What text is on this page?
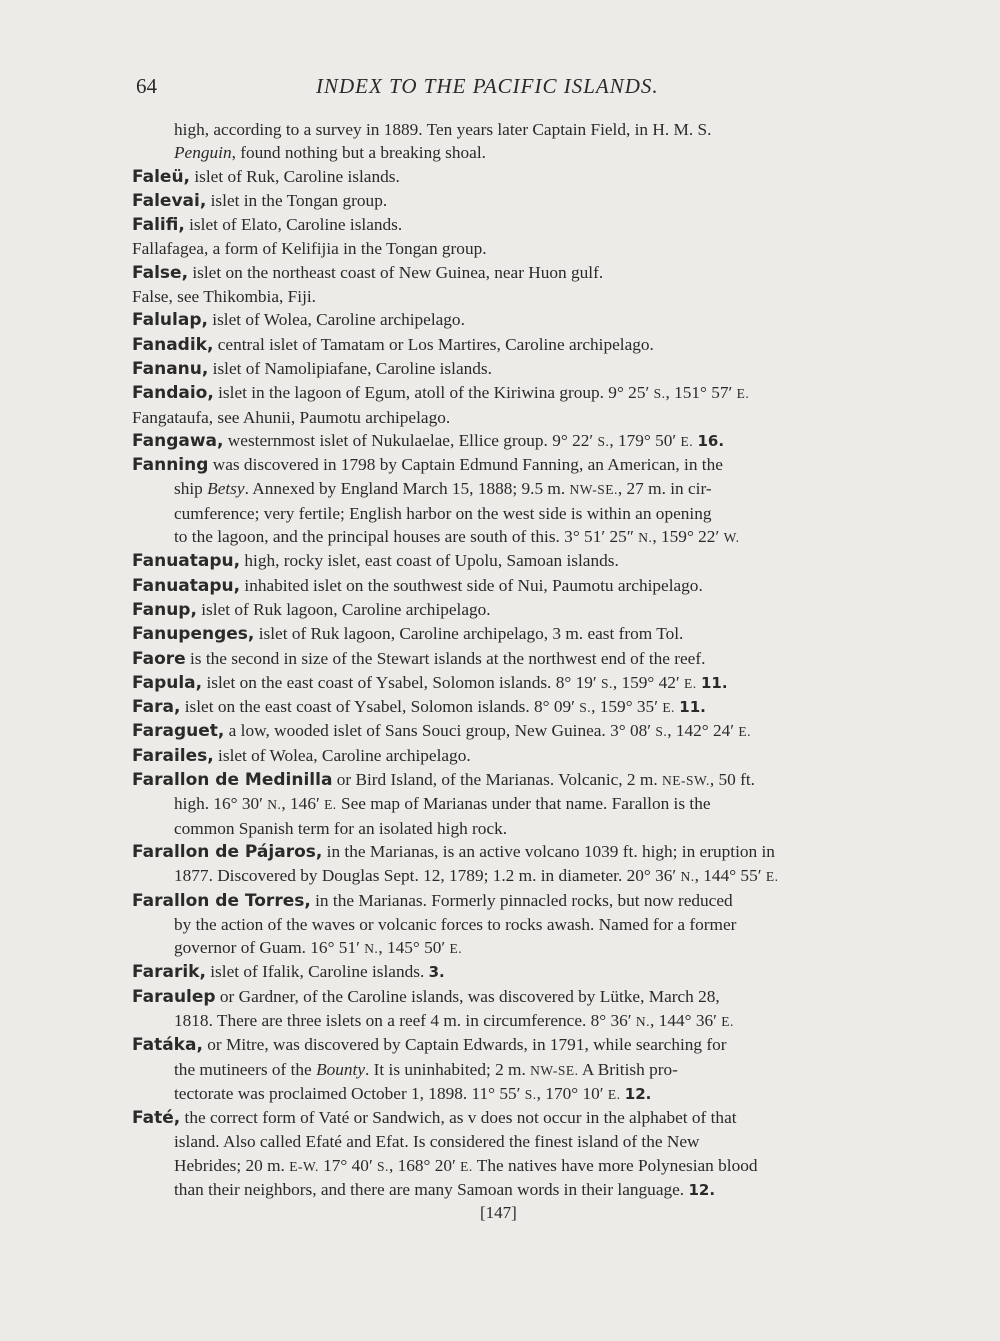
64	INDEX TO THE PACIFIC ISLANDS.
high, according to a survey in 1889. Ten years later Captain Field, in H. M. S.
Penguin, found nothing but a breaking shoal.
Faleü, islet of Ruk, Caroline islands.
Falevai, islet in the Tongan group.
Falifi, islet of Elato, Caroline islands.
Fallafagea, a form of Kelifijia in the Tongan group.
False, islet on the northeast coast of New Guinea, near Huon gulf.
False, see Thikombia, Fiji.
Falulap, islet of Wolea, Caroline archipelago.
Fanadik, central islet of Tamatam or Los Martires, Caroline archipelago.
Fananu, islet of Namolipiafane, Caroline islands.
Fandaio, islet in the lagoon of Egum, atoll of the Kiriwina group. 9° 25′ S., 151° 57′ E.
Fangataufa, see Ahunii, Paumotu archipelago.
Fangawa, westernmost islet of Nukulaelae, Ellice group. 9° 22′ S., 179° 50′ E. 16.
Fanning was discovered in 1798 by Captain Edmund Fanning, an American, in the
ship Betsy. Annexed by England March 15, 1888; 9.5 m. NW-SE., 27 m. in cir-
cumference; very fertile; English harbor on the west side is within an opening
to the lagoon, and the principal houses are south of this. 3° 51′ 25″ N., 159° 22′ W.
Fanuatapu, high, rocky islet, east coast of Upolu, Samoan islands.
Fanuatapu, inhabited islet on the southwest side of Nui, Paumotu archipelago.
Fanup, islet of Ruk lagoon, Caroline archipelago.
Fanupenges, islet of Ruk lagoon, Caroline archipelago, 3 m. east from Tol.
Faore is the second in size of the Stewart islands at the northwest end of the reef.
Fapula, islet on the east coast of Ysabel, Solomon islands. 8° 19′ S., 159° 42′ E. 11.
Fara, islet on the east coast of Ysabel, Solomon islands. 8° 09′ S., 159° 35′ E. 11.
Faraguet, a low, wooded islet of Sans Souci group, New Guinea. 3° 08′ S., 142° 24′ E.
Farailes, islet of Wolea, Caroline archipelago.
Farallon de Medinilla or Bird Island, of the Marianas. Volcanic, 2 m. NE-SW., 50 ft.
high. 16° 30′ N., 146′ E. See map of Marianas under that name. Farallon is the
common Spanish term for an isolated high rock.
Farallon de Pájaros, in the Marianas, is an active volcano 1039 ft. high; in eruption in
1877. Discovered by Douglas Sept. 12, 1789; 1.2 m. in diameter. 20° 36′ N., 144° 55′ E.
Farallon de Torres, in the Marianas. Formerly pinnacled rocks, but now reduced
by the action of the waves or volcanic forces to rocks awash. Named for a former
governor of Guam. 16° 51′ N., 145° 50′ E.
Fararik, islet of Ifalik, Caroline islands. 3.
Faraulep or Gardner, of the Caroline islands, was discovered by Lütke, March 28,
1818. There are three islets on a reef 4 m. in circumference. 8° 36′ N., 144° 36′ E.
Fatáka, or Mitre, was discovered by Captain Edwards, in 1791, while searching for
the mutineers of the Bounty. It is uninhabited; 2 m. NW-SE. A British pro-
tectorate was proclaimed October 1, 1898. 11° 55′ S., 170° 10′ E. 12.
Faté, the correct form of Vaté or Sandwich, as v does not occur in the alphabet of that
island. Also called Efaté and Efat. Is considered the finest island of the New
Hebrides; 20 m. E-W. 17° 40′ S., 168° 20′ E. The natives have more Polynesian blood
than their neighbors, and there are many Samoan words in their language. 12.
[147]
